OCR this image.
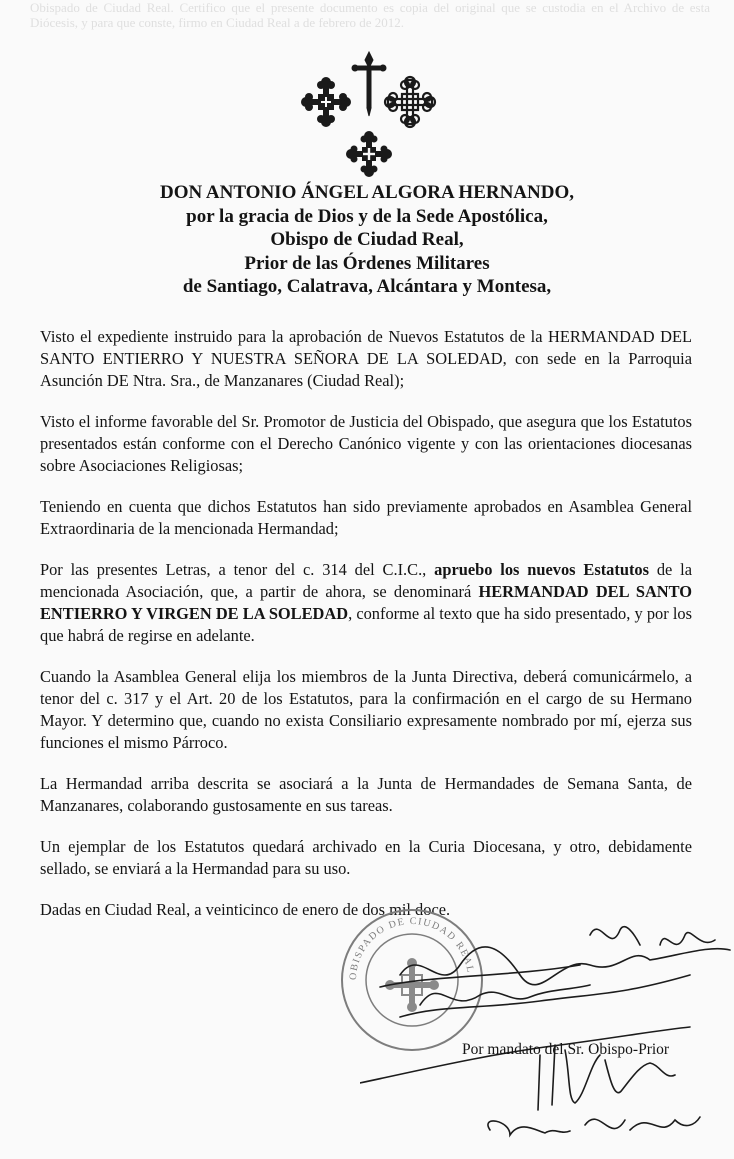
Obispado de Ciudad Real. Certifico que el presente documento es copia del original que se custodia en el Archivo de esta Diócesis, y para que conste, firmo en Ciudad Real a de febrero de 2012.
DON ANTONIO ÁNGEL ALGORA HERNANDO,
por la gracia de Dios y de la Sede Apostólica,
Obispo de Ciudad Real,
Prior de las Órdenes Militares
de Santiago, Calatrava, Alcántara y Montesa,

Visto el expediente instruido para la aprobación de Nuevos Estatutos de la HERMANDAD DEL SANTO ENTIERRO Y NUESTRA SEÑORA DE LA SOLEDAD, con sede en la Parroquia Asunción DE Ntra. Sra., de Manzanares (Ciudad Real);

Visto el informe favorable del Sr. Promotor de Justicia del Obispado, que asegura que los Estatutos presentados están conforme con el Derecho Canónico vigente y con las orientaciones diocesanas sobre Asociaciones Religiosas;

Teniendo en cuenta que dichos Estatutos han sido previamente aprobados en Asamblea General Extraordinaria de la mencionada Hermandad;

Por las presentes Letras, a tenor del c. 314 del C.I.C., apruebo los nuevos Estatutos de la mencionada Asociación, que, a partir de ahora, se denominará HERMANDAD DEL SANTO ENTIERRO Y VIRGEN DE LA SOLEDAD, conforme al texto que ha sido presentado, y por los que habrá de regirse en adelante.

Cuando la Asamblea General elija los miembros de la Junta Directiva, deberá comunicármelo, a tenor del c. 317 y el Art. 20 de los Estatutos, para la confirmación en el cargo de su Hermano Mayor. Y determino que, cuando no exista Consiliario expresamente nombrado por mí, ejerza sus funciones el mismo Párroco.

La Hermandad arriba descrita se asociará a la Junta de Hermandades de Semana Santa, de Manzanares, colaborando gustosamente en sus tareas.

Un ejemplar de los Estatutos quedará archivado en la Curia Diocesana, y otro, debidamente sellado, se enviará a la Hermandad para su uso.

Dadas en Ciudad Real, a veinticinco de enero de dos mil doce.

OBISPADO DE CIUDAD REAL
Por mandato del Sr. Obispo-Prior
